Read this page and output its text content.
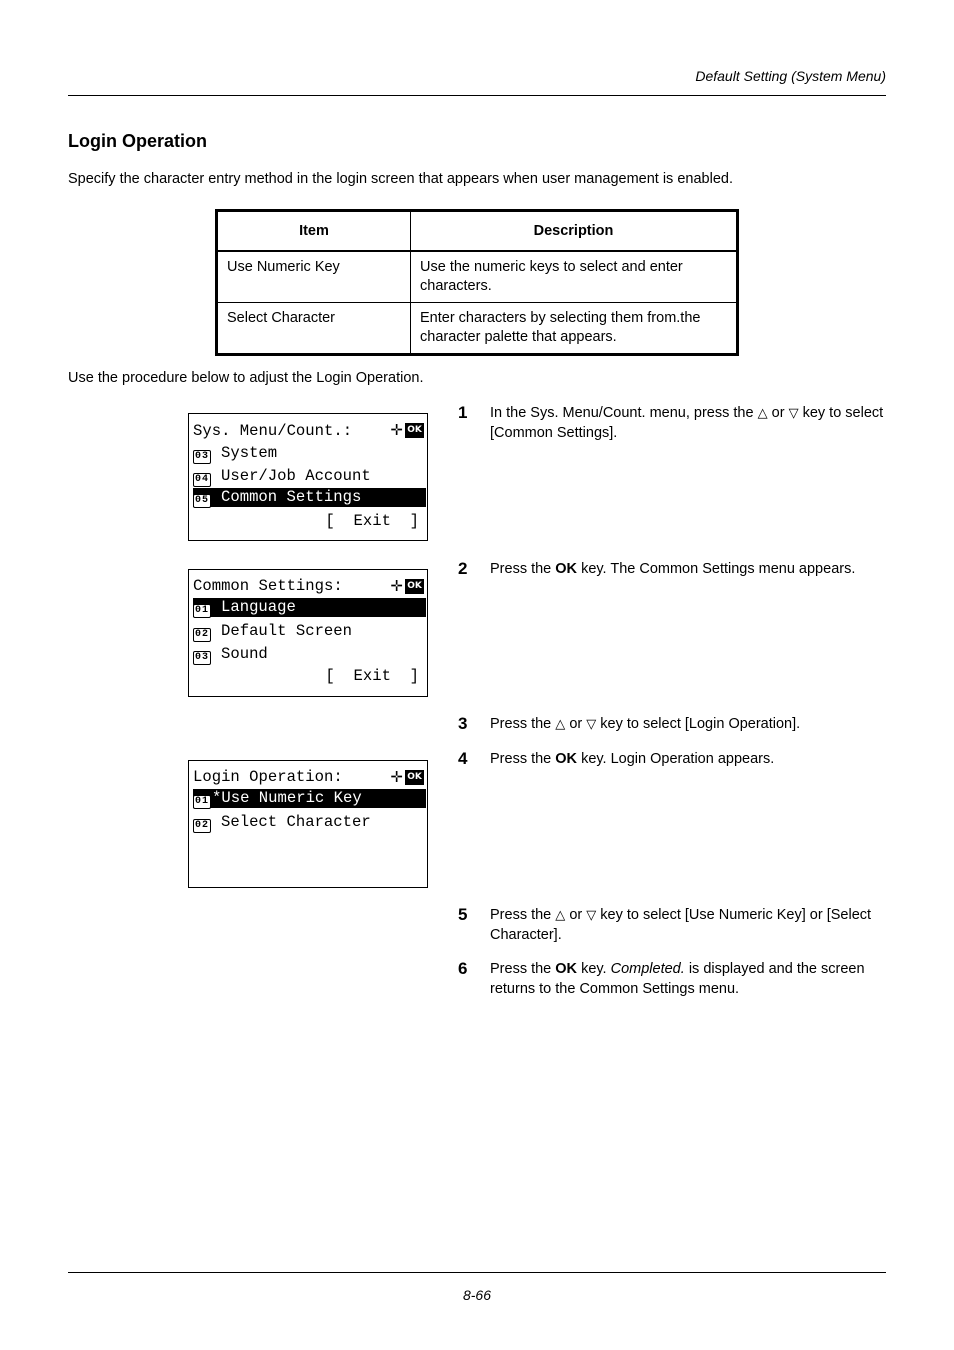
Default Setting (System Menu)
Login Operation
Specify the character entry method in the login screen that appears when user management is enabled.
Item	Description
Use Numeric Key	Use the numeric keys to select and enter characters.
Select Character	Enter characters by selecting them from.the character palette that appears.
Use the procedure below to adjust the Login Operation.
Sys. Menu/Count.:	✛ OK
03 System
04 User/Job Account
05 Common Settings
[  Exit  ]
Common Settings:	✛ OK
01 Language
02 Default Screen
03 Sound
[  Exit  ]
Login Operation:	✛ OK
01 *Use Numeric Key
02 Select Character
1 In the Sys. Menu/Count. menu, press the △ or ▽ key to select [Common Settings].
2 Press the OK key. The Common Settings menu appears.
3 Press the △ or ▽ key to select [Login Operation].
4 Press the OK key. Login Operation appears.
5 Press the △ or ▽ key to select [Use Numeric Key] or [Select Character].
6 Press the OK key. Completed. is displayed and the screen returns to the Common Settings menu.
8-66
